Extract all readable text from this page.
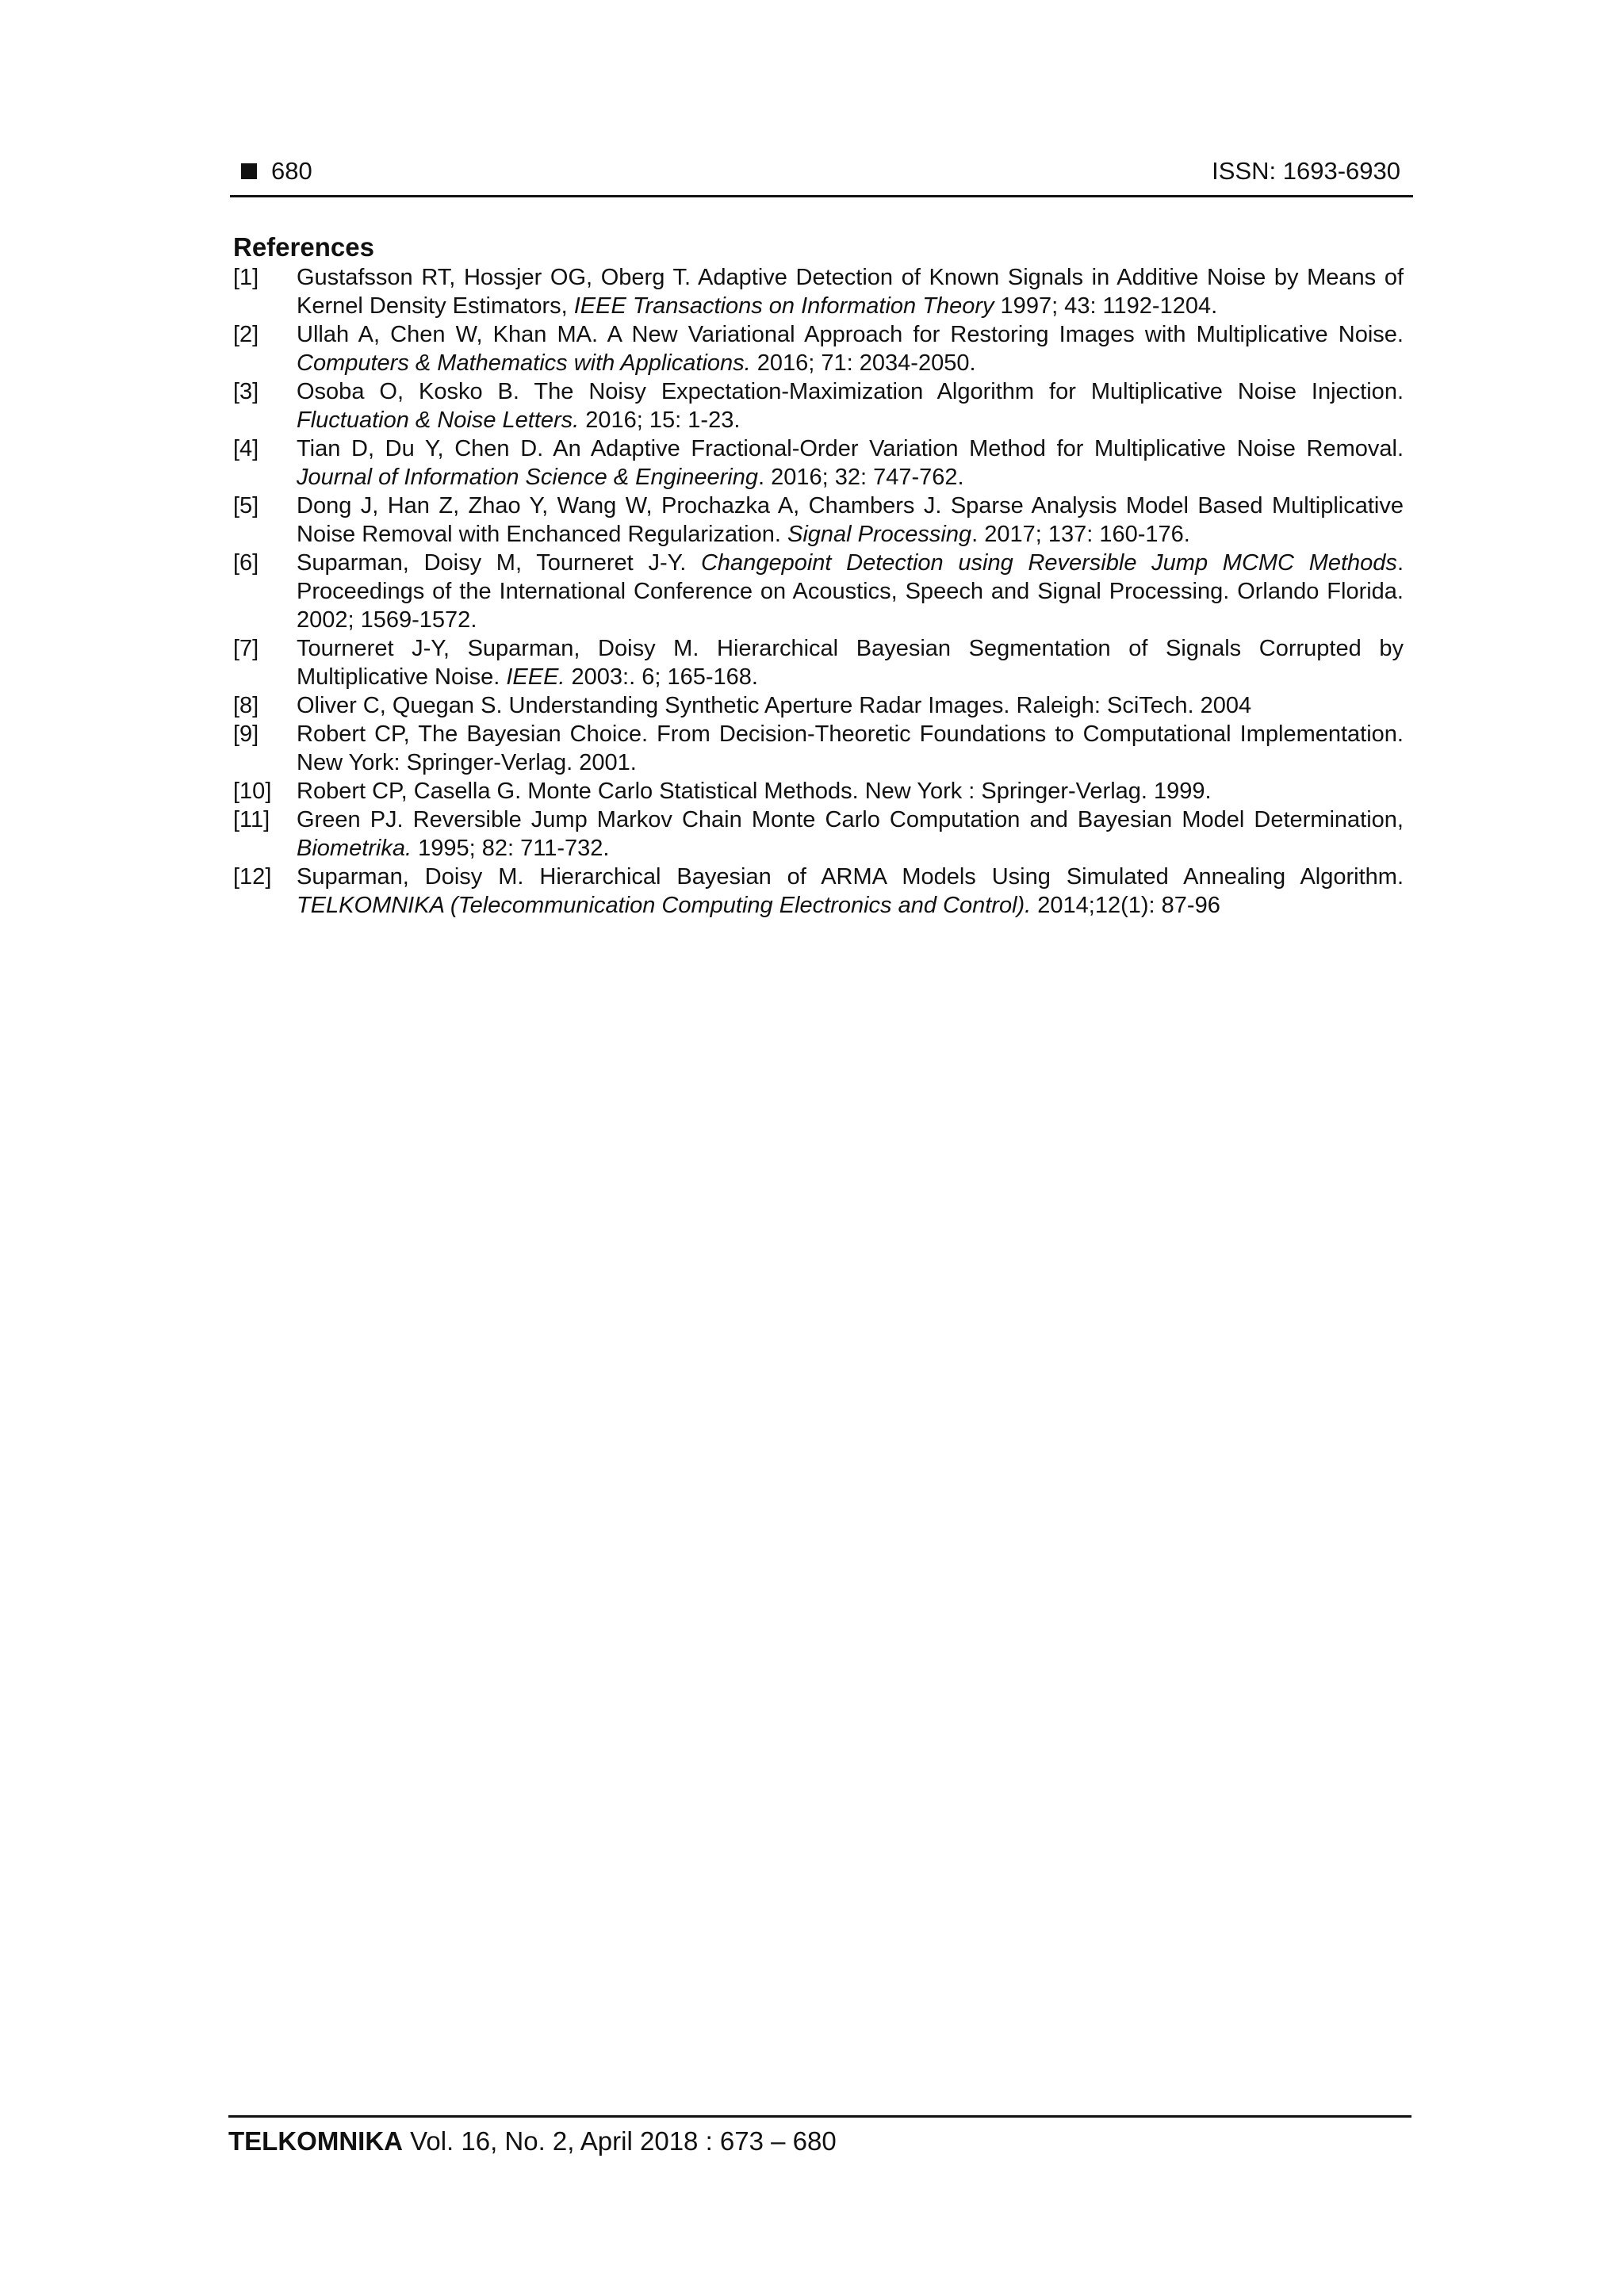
680	ISSN: 1693-6930
References
[1] Gustafsson RT, Hossjer OG, Oberg T. Adaptive Detection of Known Signals in Additive Noise by Means of Kernel Density Estimators, IEEE Transactions on Information Theory 1997; 43: 1192-1204.
[2] Ullah A, Chen W, Khan MA. A New Variational Approach for Restoring Images with Multiplicative Noise. Computers & Mathematics with Applications. 2016; 71: 2034-2050.
[3] Osoba O, Kosko B. The Noisy Expectation-Maximization Algorithm for Multiplicative Noise Injection. Fluctuation & Noise Letters. 2016; 15: 1-23.
[4] Tian D, Du Y, Chen D. An Adaptive Fractional-Order Variation Method for Multiplicative Noise Removal. Journal of Information Science & Engineering. 2016; 32: 747-762.
[5] Dong J, Han Z, Zhao Y, Wang W, Prochazka A, Chambers J. Sparse Analysis Model Based Multiplicative Noise Removal with Enchanced Regularization. Signal Processing. 2017; 137: 160-176.
[6] Suparman, Doisy M, Tourneret J-Y. Changepoint Detection using Reversible Jump MCMC Methods. Proceedings of the International Conference on Acoustics, Speech and Signal Processing. Orlando Florida. 2002; 1569-1572.
[7] Tourneret J-Y, Suparman, Doisy M. Hierarchical Bayesian Segmentation of Signals Corrupted by Multiplicative Noise. IEEE. 2003:. 6; 165-168.
[8] Oliver C, Quegan S. Understanding Synthetic Aperture Radar Images. Raleigh: SciTech. 2004
[9] Robert CP, The Bayesian Choice. From Decision-Theoretic Foundations to Computational Implementation. New York: Springer-Verlag. 2001.
[10] Robert CP, Casella G. Monte Carlo Statistical Methods. New York : Springer-Verlag. 1999.
[11] Green PJ. Reversible Jump Markov Chain Monte Carlo Computation and Bayesian Model Determination, Biometrika. 1995; 82: 711-732.
[12] Suparman, Doisy M. Hierarchical Bayesian of ARMA Models Using Simulated Annealing Algorithm. TELKOMNIKA (Telecommunication Computing Electronics and Control). 2014;12(1): 87-96
TELKOMNIKA Vol. 16, No. 2, April 2018 : 673 – 680
